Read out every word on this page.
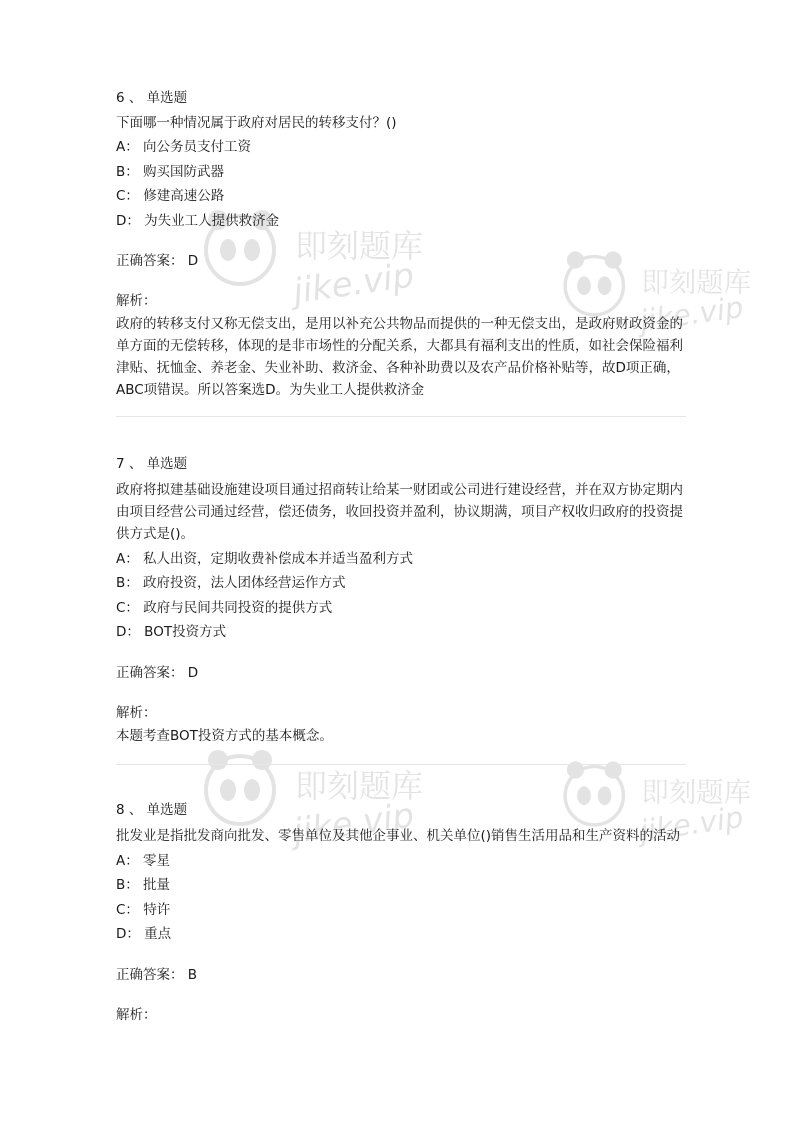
即刻题库
jike.vip	即刻题库
jike.vip
即刻题库
jike.vip
即刻题库
jike.vip
6 、 单选题
下面哪一种情况属于政府对居民的转移支付？()
A： 向公务员支付工资
B： 购买国防武器
C： 修建高速公路
D： 为失业工人提供救济金
正确答案： D
解析：
政府的转移支付又称无偿支出，是用以补充公共物品而提供的一种无偿支出，是政府财政资金的单方面的无偿转移，体现的是非市场性的分配关系，大都具有福利支出的性质，如社会保险福利津贴、抚恤金、养老金、失业补助、救济金、各种补助费以及农产品价格补贴等，故D项正确，ABC项错误。所以答案选D。为失业工人提供救济金
7 、 单选题
政府将拟建基础设施建设项目通过招商转让给某一财团或公司进行建设经营，并在双方协定期内由项目经营公司通过经营，偿还债务，收回投资并盈利，协议期满，项目产权收归政府的投资提供方式是()。
A： 私人出资，定期收费补偿成本并适当盈利方式
B： 政府投资，法人团体经营运作方式
C： 政府与民间共同投资的提供方式
D： BOT投资方式
正确答案： D
解析：
本题考查BOT投资方式的基本概念。
8 、 单选题
批发业是指批发商向批发、零售单位及其他企事业、机关单位()销售生活用品和生产资料的活动
A： 零星
B： 批量
C： 特许
D： 重点
正确答案： B
解析：
